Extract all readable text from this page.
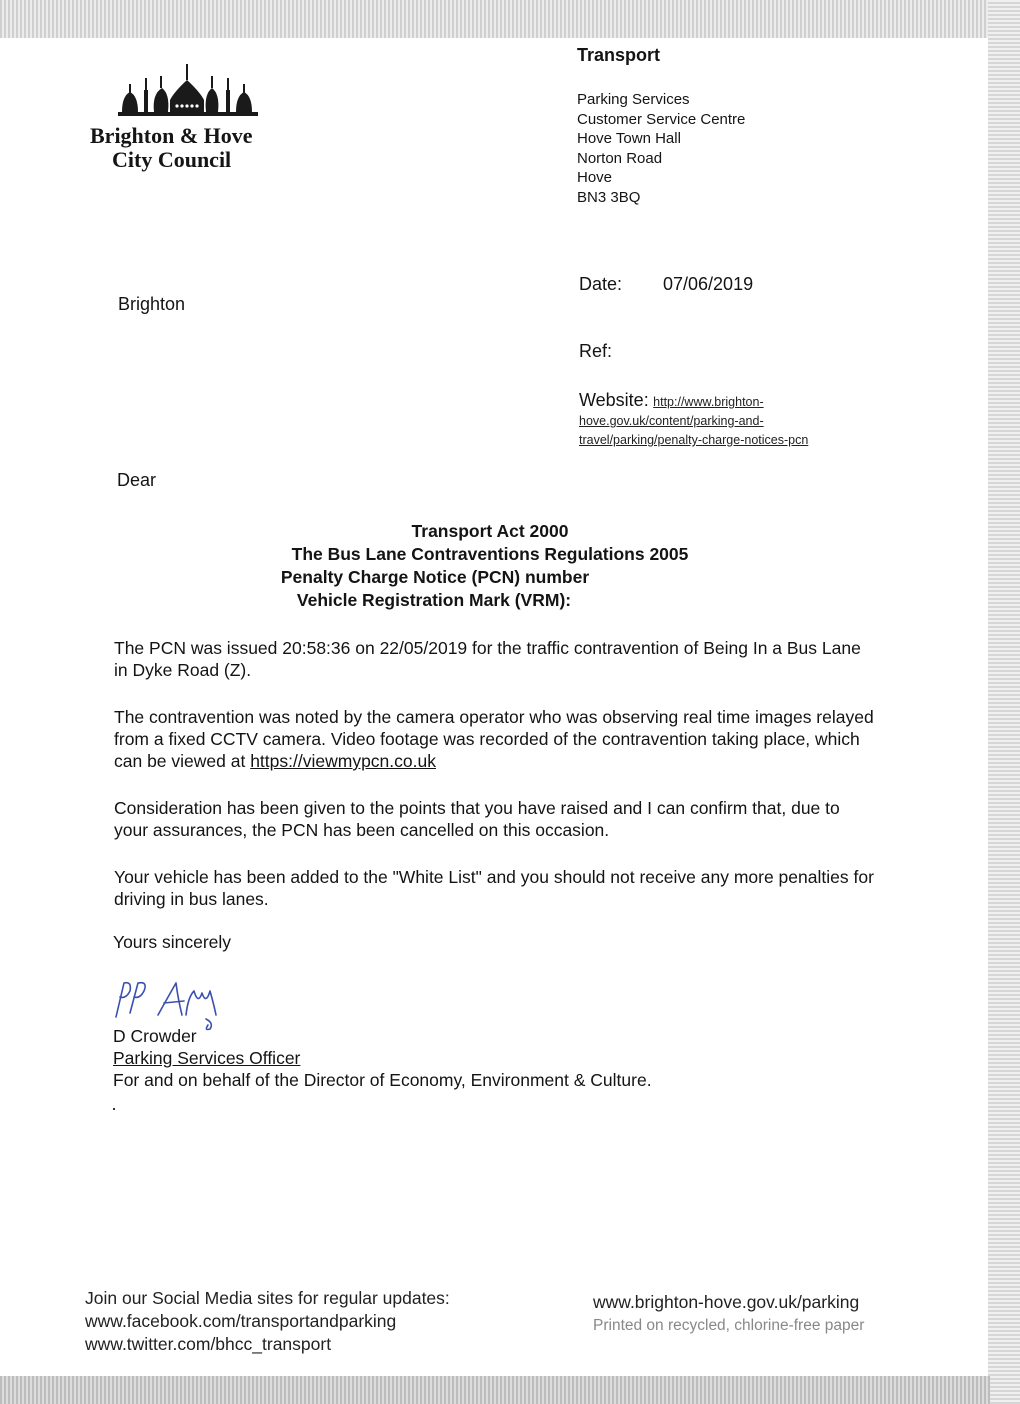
Brighton & Hove
City Council
Transport
Parking Services
Customer Service Centre
Hove Town Hall
Norton Road
Hove
BN3 3BQ
Brighton
Date: 07/06/2019
Ref:
Website: http://www.brighton-
hove.gov.uk/content/parking-and-
travel/parking/penalty-charge-notices-pcn
Dear
Transport Act 2000
The Bus Lane Contraventions Regulations 2005
Penalty Charge Notice (PCN) number
Vehicle Registration Mark (VRM):
The PCN was issued 20:58:36 on 22/05/2019 for the traffic contravention of Being In a Bus Lane in Dyke Road (Z).
The contravention was noted by the camera operator who was observing real time images relayed from a fixed CCTV camera. Video footage was recorded of the contravention taking place, which can be viewed at https://viewmypcn.co.uk
Consideration has been given to the points that you have raised and I can confirm that, due to your assurances, the PCN has been cancelled on this occasion.
Your vehicle has been added to the "White List" and you should not receive any more penalties for driving in bus lanes.
Yours sincerely
D Crowder
Parking Services Officer
For and on behalf of the Director of Economy, Environment & Culture.
Join our Social Media sites for regular updates:
www.facebook.com/transportandparking
www.twitter.com/bhcc_transport
www.brighton-hove.gov.uk/parking
Printed on recycled, chlorine-free paper
